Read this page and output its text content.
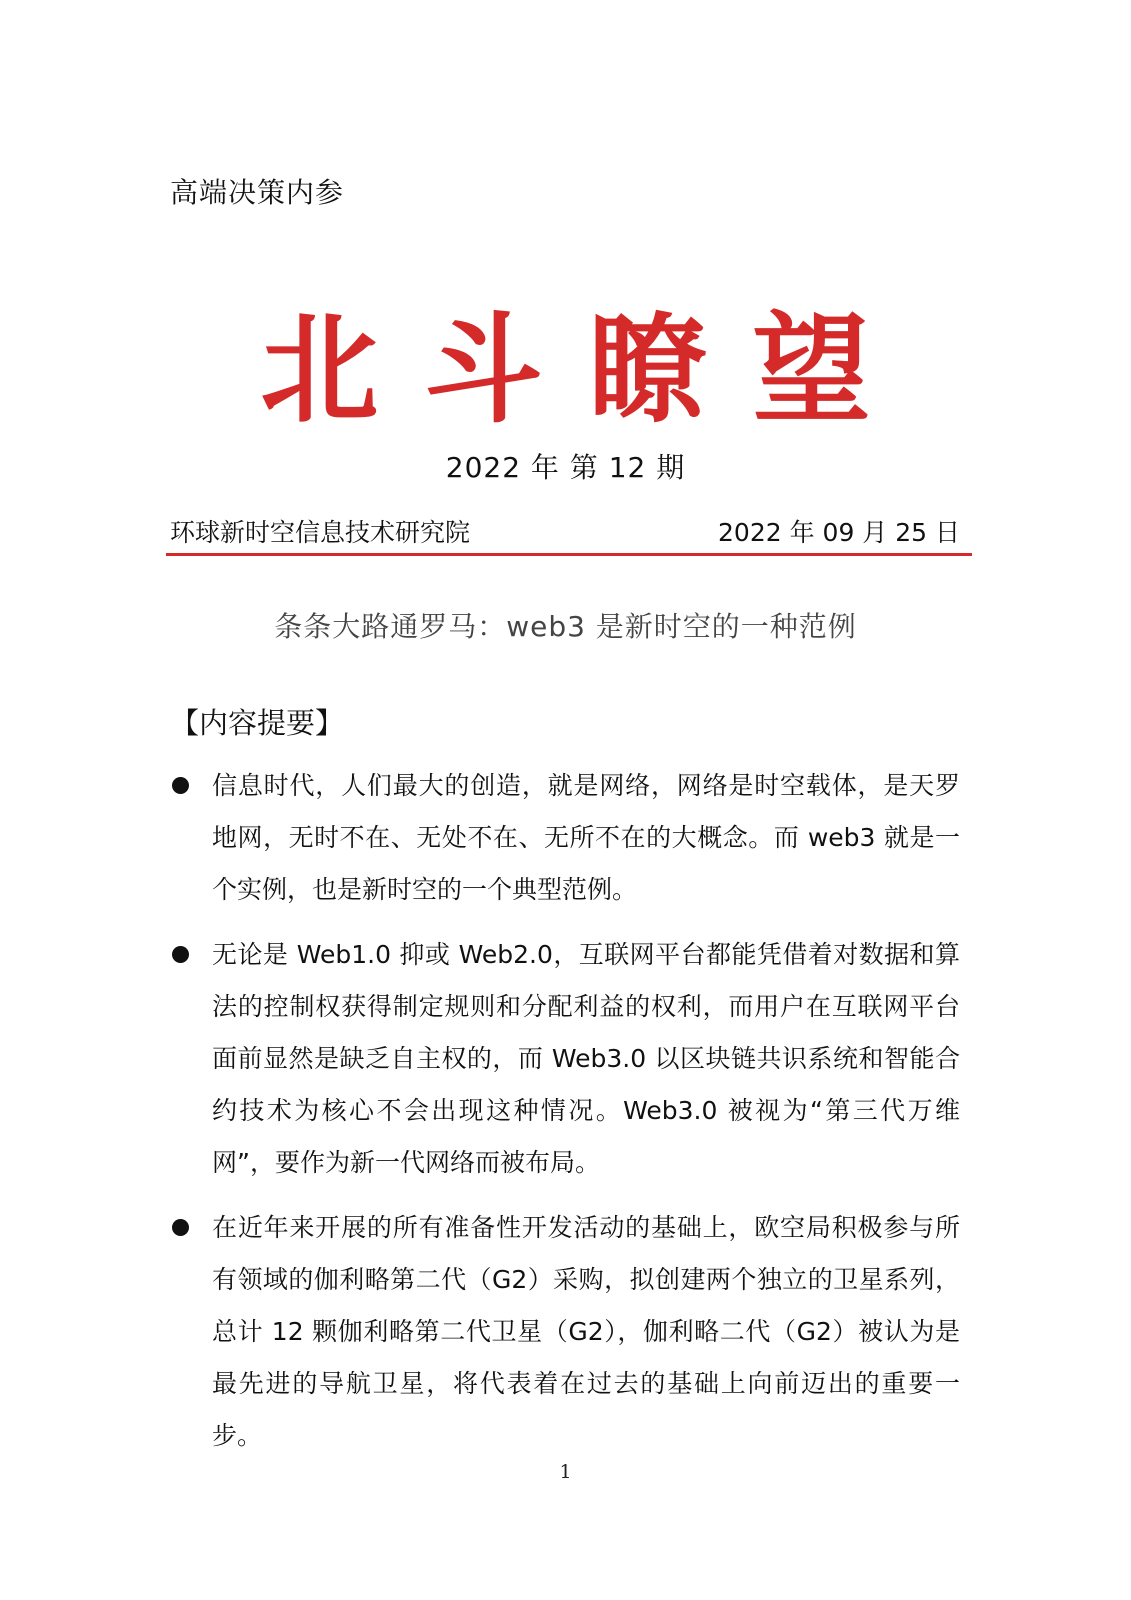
高端决策内参
北斗瞭望
2022 年 第 12 期
环球新时空信息技术研究院	2022 年 09 月 25 日
条条大路通罗马：web3 是新时空的一种范例
【内容提要】
信息时代，人们最大的创造，就是网络，网络是时空载体，是天罗地网，无时不在、无处不在、无所不在的大概念。而 web3 就是一个实例，也是新时空的一个典型范例。
无论是 Web1.0 抑或 Web2.0，互联网平台都能凭借着对数据和算法的控制权获得制定规则和分配利益的权利，而用户在互联网平台面前显然是缺乏自主权的，而 Web3.0 以区块链共识系统和智能合约技术为核心不会出现这种情况。Web3.0 被视为“第三代万维网”，要作为新一代网络而被布局。
在近年来开展的所有准备性开发活动的基础上，欧空局积极参与所有领域的伽利略第二代（G2）采购，拟创建两个独立的卫星系列，总计 12 颗伽利略第二代卫星（G2），伽利略二代（G2）被认为是最先进的导航卫星，将代表着在过去的基础上向前迈出的重要一步。
1
